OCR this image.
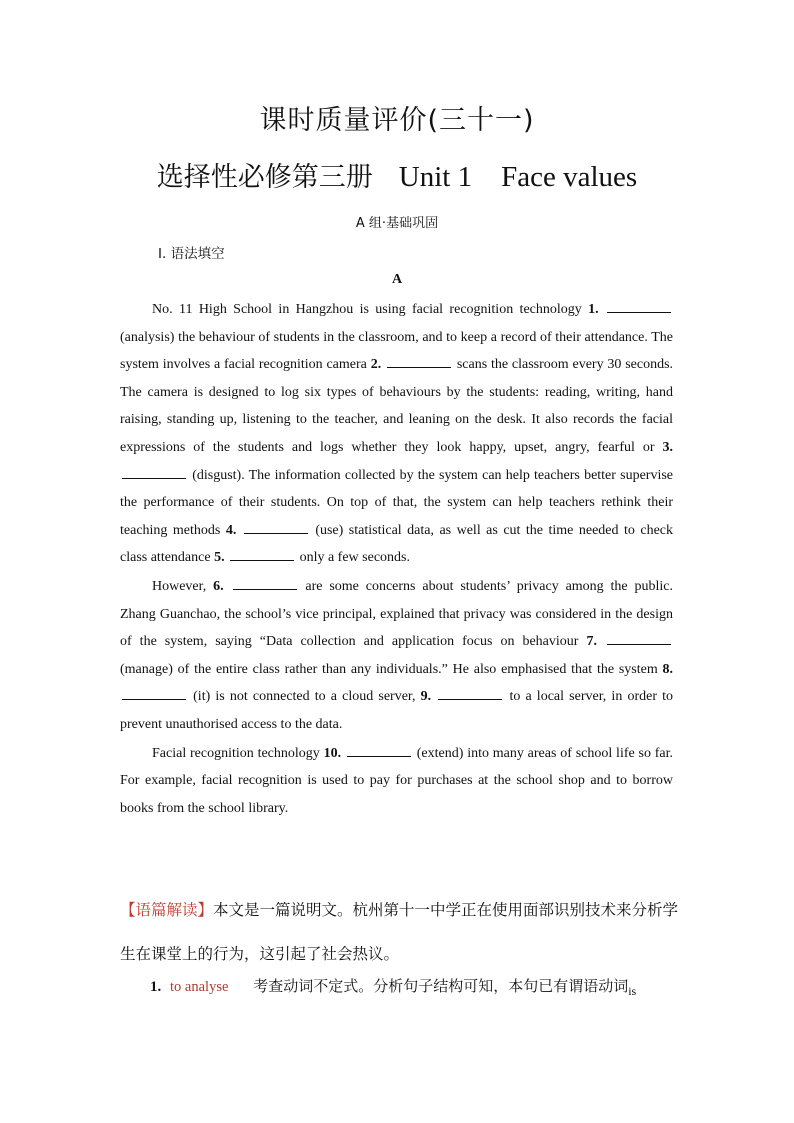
课时质量评价(三十一)
选择性必修第三册 Unit 1    Face values
A 组·基础巩固
Ⅰ. 语法填空
A

No. 11 High School in Hangzhou is using facial recognition technology 1.  (analysis) the behaviour of students in the classroom, and to keep a record of their attendance. The system involves a facial recognition camera 2.	scans the classroom every 30 seconds. The camera is designed to log six types of behaviours by the students: reading, writing, hand raising, standing up, listening to the teacher, and leaning on the desk. It also records the facial expressions of the students and logs whether they look happy, upset, angry, fearful or 3.  (disgust). The information collected by the system can help teachers better supervise the performance of their students. On top of that, the system can help teachers rethink their teaching methods 4.	(use) statistical data, as well as cut the time needed to check class attendance 5.	only a few seconds.

However, 6.	are some concerns about students’ privacy among the public. Zhang Guanchao, the school’s vice principal, explained that privacy was considered in the design of the system, saying “Data collection and application focus on behaviour 7.  (manage) of the entire class rather than any individuals.” He also emphasised that the system 8.  (it) is not connected to a cloud server, 9.	to a local server, in order to prevent unauthorised access to the data.

Facial recognition technology 10.	(extend) into many areas of school life so far. For example, facial recognition is used to pay for purchases at the school shop and to borrow books from the school library.

【语篇解读】本文是一篇说明文。杭州第十一中学正在使用面部识别技术来分析学生在课堂上的行为，这引起了社会热议。
1. to analyse 考查动词不定式。分析句子结构可知，本句已有谓语动词$_{is}$
